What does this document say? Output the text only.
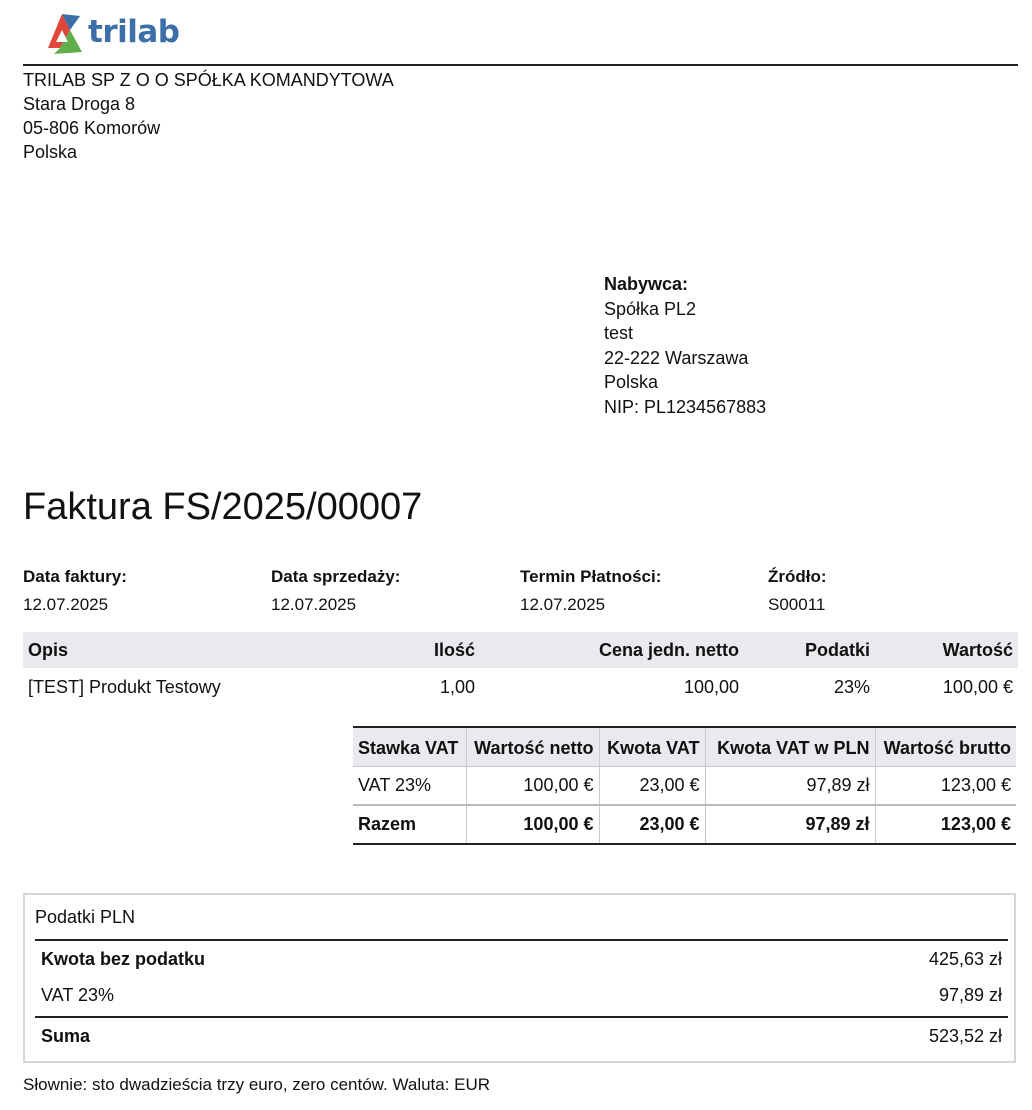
trilab
TRILAB SP Z O O SPÓŁKA KOMANDYTOWA
Stara Droga 8
05-806 Komorów
Polska
Nabywca:
Spółka PL2
test
22-222 Warszawa
Polska
NIP: PL1234567883
Faktura FS/2025/00007
Data faktury:
12.07.2025
Data sprzedaży:
12.07.2025
Termin Płatności:
12.07.2025
Źródło:
S00011
Opis	Ilość	Cena jedn. netto	Podatki	Wartość
[TEST] Produkt Testowy	1,00	100,00	23%	100,00 €
Stawka VAT	Wartość netto	Kwota VAT	Kwota VAT w PLN	Wartość brutto
VAT 23%	100,00 €	23,00 €	97,89 zł	123,00 €
Razem	100,00 €	23,00 €	97,89 zł	123,00 €
Podatki PLN
Kwota bez podatku	425,63 zł
VAT 23%	97,89 zł
Suma	523,52 zł
Słownie: sto dwadzieścia trzy euro, zero centów. Waluta: EUR
